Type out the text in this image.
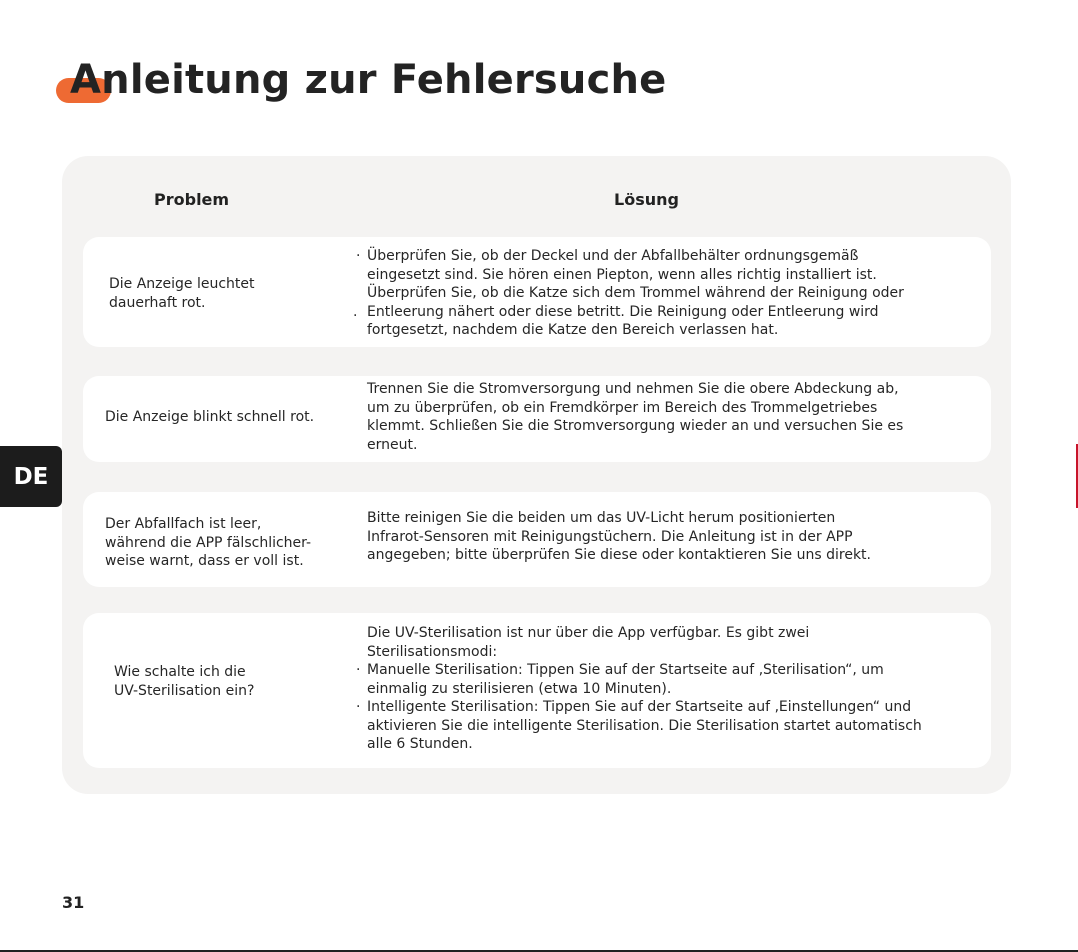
Anleitung zur Fehlersuche
Problem	Lösung
Die Anzeige leuchtet dauerhaft rot.

· Überprüfen Sie, ob der Deckel und der Abfallbehälter ordnungsgemäß

eingesetzt sind. Sie hören einen Piepton, wenn alles richtig installiert ist.

Überprüfen Sie, ob die Katze sich dem Trommel während der Reinigung oder

. Entleerung nähert oder diese betritt. Die Reinigung oder Entleerung wird

fortgesetzt, nachdem die Katze den Bereich verlassen hat.

Die Anzeige blinkt schnell rot.

Trennen Sie die Stromversorgung und nehmen Sie die obere Abdeckung ab,

um zu überprüfen, ob ein Fremdkörper im Bereich des Trommelgetriebes

klemmt. Schließen Sie die Stromversorgung wieder an und versuchen Sie es

erneut.

Der Abfallfach ist leer,
während die APP fälschlicher-
weise warnt, dass er voll ist.

Bitte reinigen Sie die beiden um das UV-Licht herum positionierten

Infrarot-Sensoren mit Reinigungstüchern. Die Anleitung ist in der APP

angegeben; bitte überprüfen Sie diese oder kontaktieren Sie uns direkt.

Wie schalte ich die
UV-Sterilisation ein?

Die UV-Sterilisation ist nur über die App verfügbar. Es gibt zwei

Sterilisationsmodi:

· Manuelle Sterilisation: Tippen Sie auf der Startseite auf ‚Sterilisation“, um

einmalig zu sterilisieren (etwa 10 Minuten).

· Intelligente Sterilisation: Tippen Sie auf der Startseite auf ‚Einstellungen“ und

aktivieren Sie die intelligente Sterilisation. Die Sterilisation startet automatisch

alle 6 Stunden.

DE
31
